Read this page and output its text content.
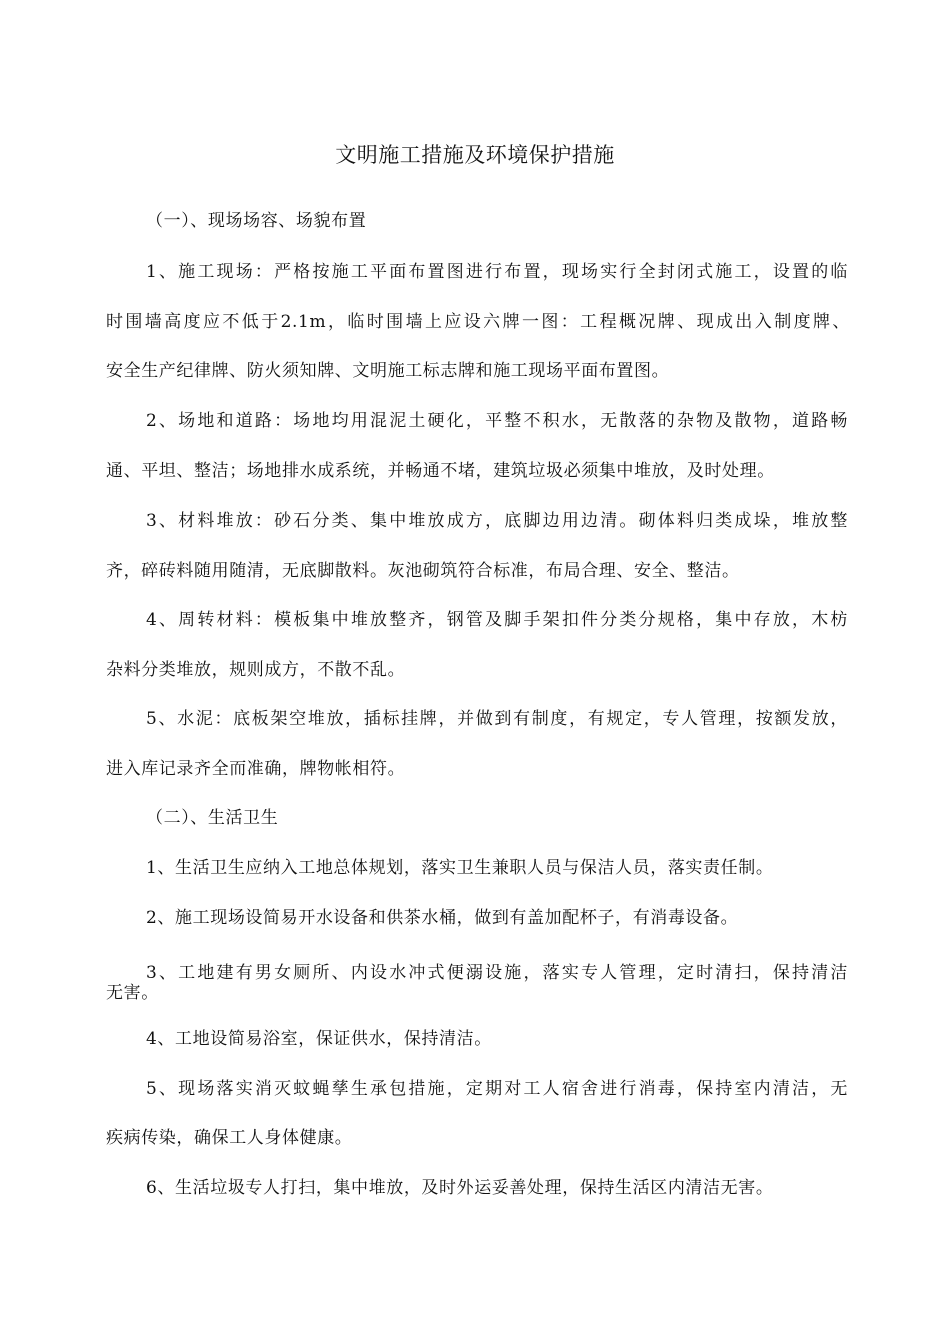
文明施工措施及环境保护措施
（一）、现场场容、场貌布置
1、施工现场：严格按施工平面布置图进行布置，现场实行全封闭式施工，设置的临
时围墙高度应不低于2.1m，临时围墙上应设六牌一图：工程概况牌、现成出入制度牌、
安全生产纪律牌、防火须知牌、文明施工标志牌和施工现场平面布置图。
2、场地和道路：场地均用混泥土硬化，平整不积水，无散落的杂物及散物，道路畅
通、平坦、整洁；场地排水成系统，并畅通不堵，建筑垃圾必须集中堆放，及时处理。
3、材料堆放：砂石分类、集中堆放成方，底脚边用边清。砌体料归类成垛，堆放整
齐，碎砖料随用随清，无底脚散料。灰池砌筑符合标准，布局合理、安全、整洁。
4、周转材料：模板集中堆放整齐，钢管及脚手架扣件分类分规格，集中存放，木枋
杂料分类堆放，规则成方，不散不乱。
5、水泥：底板架空堆放，插标挂牌，并做到有制度，有规定，专人管理，按额发放，
进入库记录齐全而准确，牌物帐相符。
（二）、生活卫生
1、生活卫生应纳入工地总体规划，落实卫生兼职人员与保洁人员，落实责任制。
2、施工现场设简易开水设备和供茶水桶，做到有盖加配杯子，有消毒设备。
3、工地建有男女厕所、内设水冲式便溺设施，落实专人管理，定时清扫，保持清洁
无害。
4、工地设简易浴室，保证供水，保持清洁。
5、现场落实消灭蚊蝇孳生承包措施，定期对工人宿舍进行消毒，保持室内清洁，无
疾病传染，确保工人身体健康。
6、生活垃圾专人打扫，集中堆放，及时外运妥善处理，保持生活区内清洁无害。
